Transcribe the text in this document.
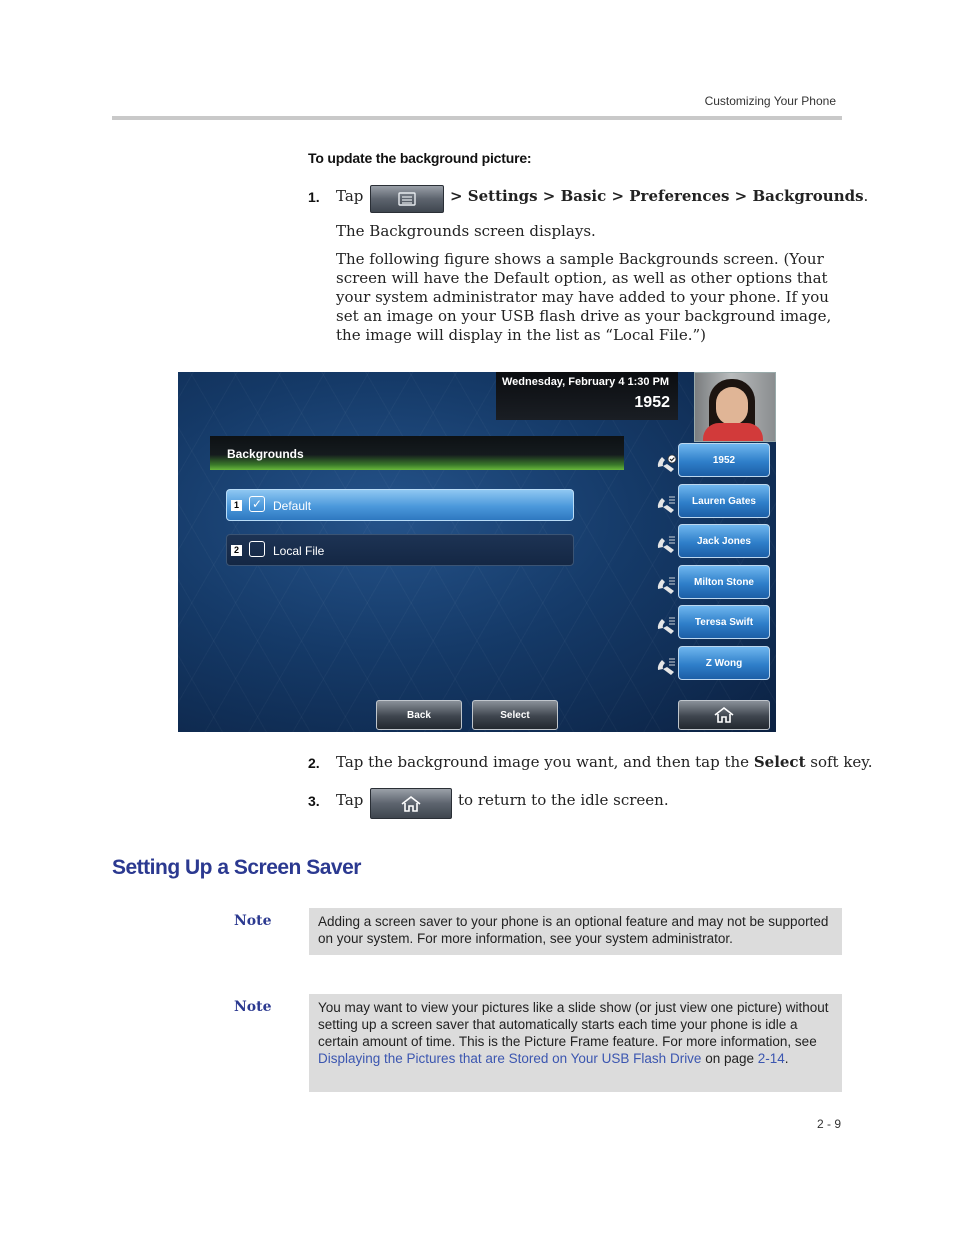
Customizing Your Phone
To update the background picture:
1. Tap	> Settings > Basic > Preferences > Backgrounds.
The Backgrounds screen displays.
The following figure shows a sample Backgrounds screen. (Your screen will have the Default option, as well as other options that your system administrator may have added to your phone. If you set an image on your USB flash drive as your background image, the image will display in the list as “Local File.”)
Wednesday, February 4 1:30 PM
1952
Backgrounds
1 ✓ Default
2	Local File
1952
Lauren Gates
Jack Jones
Milton Stone
Teresa Swift
Z Wong
Back	Select
2. Tap the background image you want, and then tap the Select soft key.
3. Tap	to return to the idle screen.
Setting Up a Screen Saver
Note	Adding a screen saver to your phone is an optional feature and may not be supported on your system. For more information, see your system administrator.
Note	You may want to view your pictures like a slide show (or just view one picture) without setting up a screen saver that automatically starts each time your phone is idle a certain amount of time. This is the Picture Frame feature. For more information, see Displaying the Pictures that are Stored on Your USB Flash Drive on page 2-14.
2 - 9
